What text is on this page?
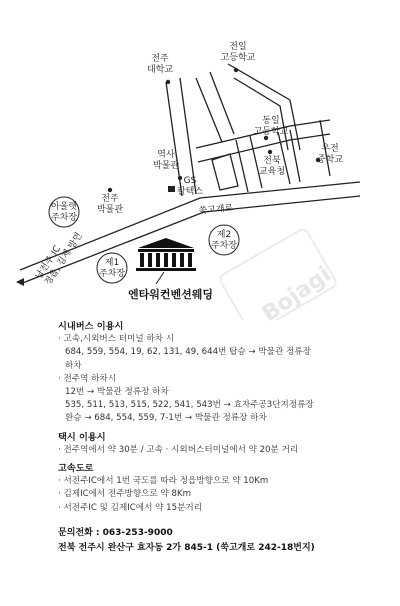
Bojagi
전주
대학교
전일
고등학교
동일
고등학교
전북
교육청
우전
중학교
역사
박물관
GS
칼텍스
전주
박물관
아울렛
주차장
쑥고개로
제2
주차장
제1
주차장
남전주 IC
정읍, 김제 방면
엔타워컨벤션웨딩
시내버스 이용시
· 고속,시외버스 터미널 하차 시
684, 559, 554, 19, 62, 131, 49, 644번 탑승 → 박물관 정류장
하차
· 전주역 하차시
12번 → 박물관 정류장 하차
535, 511, 513, 515, 522, 541, 543번 → 효자주공3단지정류장
환승 → 684, 554, 559, 7-1번 → 박물관 정류장 하차
택시 이용시
· 전주역에서 약 30분 / 고속 · 시외버스터미널에서 약 20분 거리
고속도로
· 서전주IC에서 1번 국도를 따라 정읍방향으로 약 10Km
· 김제IC에서 전주방향으로 약 8Km
· 서전주IC 및 김제IC에서 약 15분거리
문의전화 : 063-253-9000
전북 전주시 완산구 효자동 2가 845-1 (쑥고개로 242-18번지)
